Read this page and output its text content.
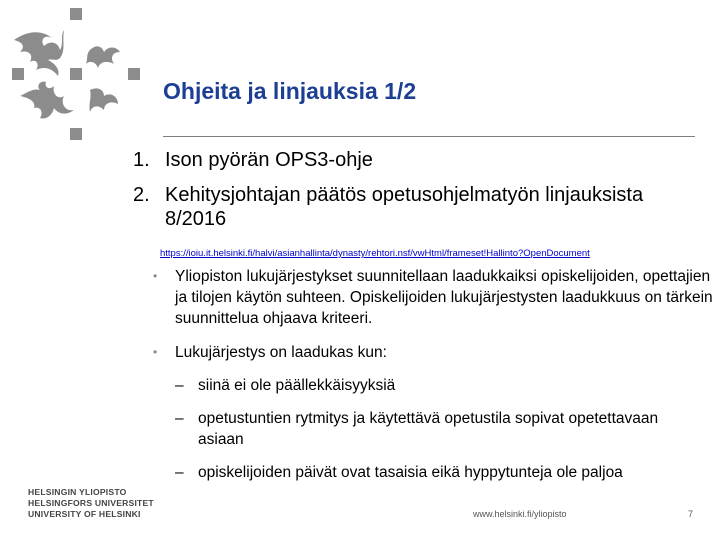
Ohjeita ja linjauksia 1/2
1. Ison pyörän OPS3-ohje
2. Kehitysjohtajan päätös opetusohjelmatyön linjauksista 8/2016
https://ioiu.it.helsinki.fi/halvi/asianhallinta/dynasty/rehtori.nsf/vwHtml/frameset!Hallinto?OpenDocument
• Yliopiston lukujärjestykset suunnitellaan laadukkaiksi opiskelijoiden, opettajien ja tilojen käytön suhteen. Opiskelijoiden lukujärjestysten laadukkuus on tärkein suunnittelua ohjaava kriteeri.
• Lukujärjestys on laadukas kun:
– siinä ei ole päällekkäisyyksiä
– opetustuntien rytmitys ja käytettävä opetustila sopivat opetettavaan asiaan
– opiskelijoiden päivät ovat tasaisia eikä hyppytunteja ole paljoa
HELSINGIN YLIOPISTO
HELSINGFORS UNIVERSITET
UNIVERSITY OF HELSINKI	www.helsinki.fi/yliopisto	7
